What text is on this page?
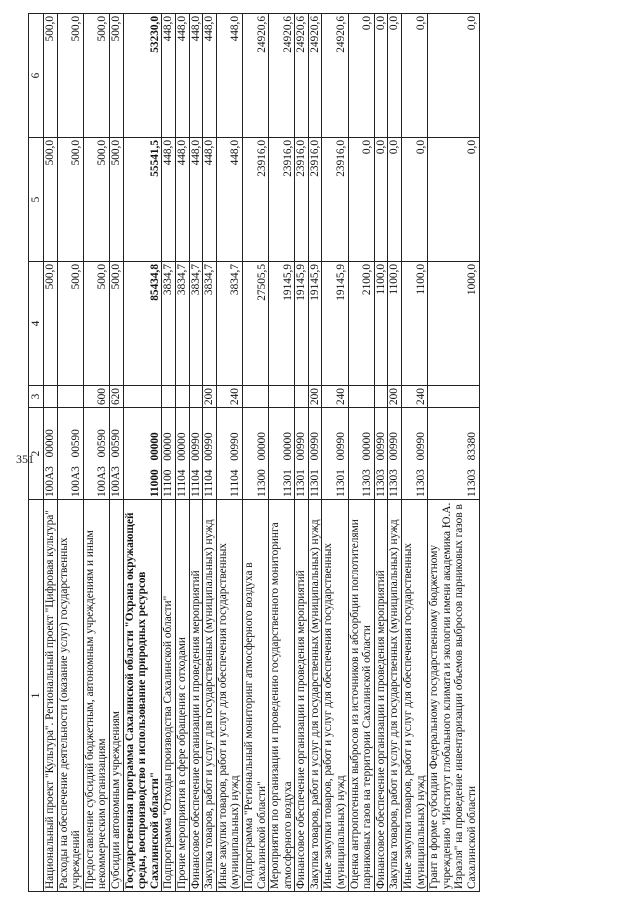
351
1	2	3	4	5	6
Национальный проект "Культура". Региональный проект "Цифровая культура"	100А3 00000		500,0	500,0	500,0
Расходы на обеспечение деятельности (оказание услуг) государственных учреждений	100А3 00590		500,0	500,0	500,0
Предоставление субсидий бюджетным, автономным учреждениям и иным некоммерческим организациям	100А3 00590	600	500,0	500,0	500,0
Субсидии автономным учреждениям	100А3 00590	620	500,0	500,0	500,0
Государственная программа Сахалинской области "Охрана окружающей среды, воспроизводство и использование природных ресурсов Сахалинской области"	11000 00000		85434,8	55541,5	53230,0
Подпрограмма "Отходы производства Сахалинской области"	11100 00000		3834,7	448,0	448,0
Прочие мероприятия в сфере обращения с отходами	11104 00000		3834,7	448,0	448,0
Финансовое обеспечение организации и проведения мероприятий	11104 00990		3834,7	448,0	448,0
Закупка товаров, работ и услуг для государственных (муниципальных) нужд	11104 00990	200	3834,7	448,0	448,0
Иные закупки товаров, работ и услуг для обеспечения государственных (муниципальных) нужд	11104 00990	240	3834,7	448,0	448,0
Подпрограмма "Региональный мониторинг атмосферного воздуха в Сахалинской области"	11300 00000		27505,5	23916,0	24920,6
Мероприятия по организации и проведению государственного мониторинга атмосферного воздуха	11301 00000		19145,9	23916,0	24920,6
Финансовое обеспечение организации и проведения мероприятий	11301 00990		19145,9	23916,0	24920,6
Закупка товаров, работ и услуг для государственных (муниципальных) нужд	11301 00990	200	19145,9	23916,0	24920,6
Иные закупки товаров, работ и услуг для обеспечения государственных (муниципальных) нужд	11301 00990	240	19145,9	23916,0	24920,6
Оценка антропогенных выбросов из источников и абсорбции поглотителями парниковых газов на территории Сахалинской области	11303 00000		2100,0	0,0	0,0
Финансовое обеспечение организации и проведения мероприятий	11303 00990		1100,0	0,0	0,0
Закупка товаров, работ и услуг для государственных (муниципальных) нужд	11303 00990	200	1100,0	0,0	0,0
Иные закупки товаров, работ и услуг для обеспечения государственных (муниципальных) нужд	11303 00990	240	1100,0	0,0	0,0
Грант в форме субсидии Федеральному государственному бюджетному учреждению "Институт глобального климата и экологии имени академика Ю.А. Израэля" на проведение инвентаризации объемов выбросов парниковых газов в Сахалинской области	11303 83380		1000,0	0,0	0,0
